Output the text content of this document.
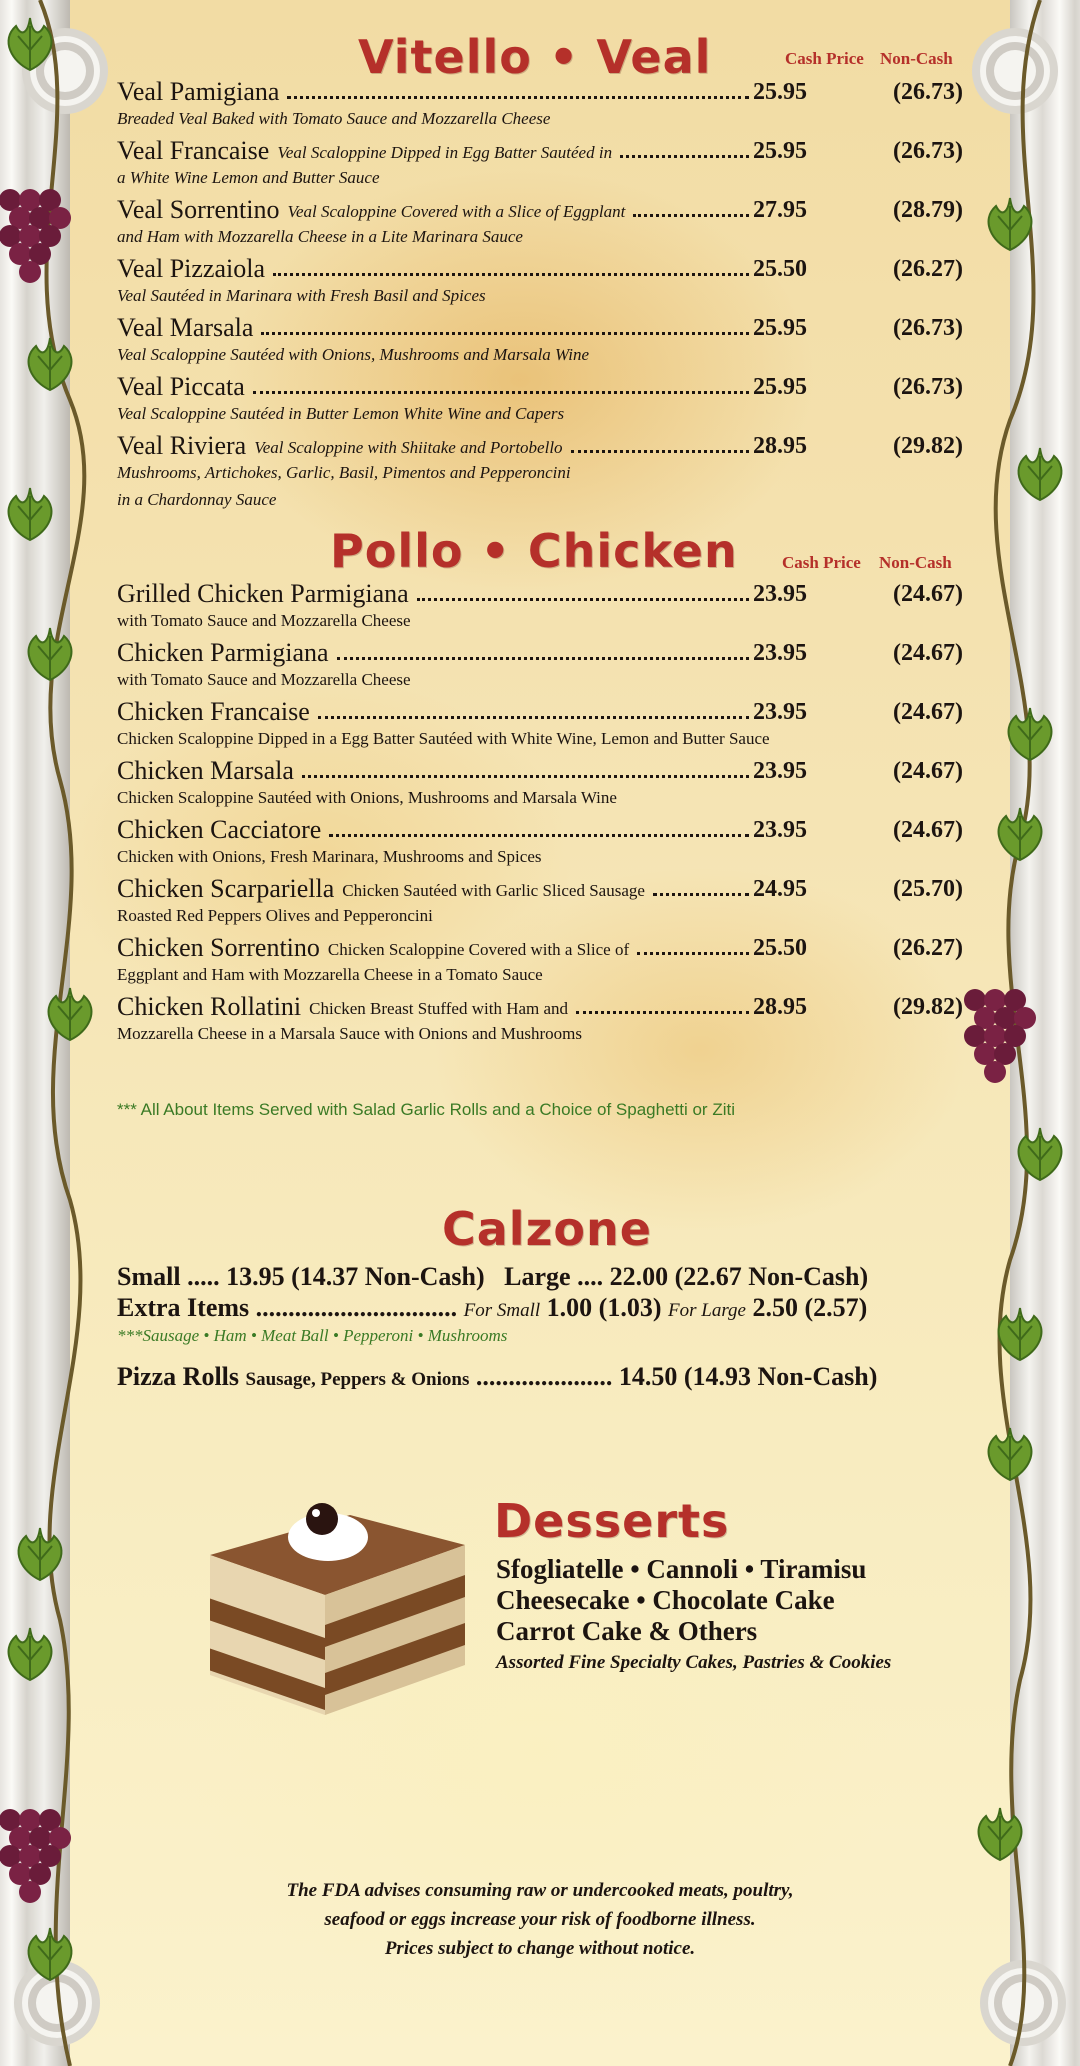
Vitello • Veal	Cash Price Non-Cash
Veal Pamigiana	25.95	(26.73)
Breaded Veal Baked with Tomato Sauce and Mozzarella Cheese
Veal Francaise Veal Scaloppine Dipped in Egg Batter Sautéed in	25.95	(26.73)
a White Wine Lemon and Butter Sauce
Veal Sorrentino Veal Scaloppine Covered with a Slice of Eggplant	27.95	(28.79)
and Ham with Mozzarella Cheese in a Lite Marinara Sauce
Veal Pizzaiola	25.50	(26.27)
Veal Sautéed in Marinara with Fresh Basil and Spices
Veal Marsala	25.95	(26.73)
Veal Scaloppine Sautéed with Onions, Mushrooms and Marsala Wine
Veal Piccata	25.95	(26.73)
Veal Scaloppine Sautéed in Butter Lemon White Wine and Capers
Veal Riviera Veal Scaloppine with Shiitake and Portobello	28.95	(29.82)
Mushrooms, Artichokes, Garlic, Basil, Pimentos and Pepperoncini
in a Chardonnay Sauce
Pollo • Chicken	Cash Price Non-Cash
Grilled Chicken Parmigiana	23.95	(24.67)
with Tomato Sauce and Mozzarella Cheese
Chicken Parmigiana	23.95	(24.67)
with Tomato Sauce and Mozzarella Cheese
Chicken Francaise	23.95	(24.67)
Chicken Scaloppine Dipped in a Egg Batter Sautéed with White Wine, Lemon and Butter Sauce
Chicken Marsala	23.95	(24.67)
Chicken Scaloppine Sautéed with Onions, Mushrooms and Marsala Wine
Chicken Cacciatore	23.95	(24.67)
Chicken with Onions, Fresh Marinara, Mushrooms and Spices
Chicken Scarpariella Chicken Sautéed with Garlic Sliced Sausage	24.95	(25.70)
Roasted Red Peppers Olives and Pepperoncini
Chicken Sorrentino Chicken Scaloppine Covered with a Slice of	25.50	(26.27)
Eggplant and Ham with Mozzarella Cheese in a Tomato Sauce
Chicken Rollatini Chicken Breast Stuffed with Ham and	28.95	(29.82)
Mozzarella Cheese in a Marsala Sauce with Onions and Mushrooms
*** All About Items Served with Salad Garlic Rolls and a Choice of Spaghetti or Ziti
Calzone
Small ..... 13.95 (14.37 Non-Cash) Large .... 22.00 (22.67 Non-Cash)
Extra Items ............................... For Small 1.00 (1.03) For Large 2.50 (2.57)
***Sausage • Ham • Meat Ball • Pepperoni • Mushrooms
Pizza Rolls Sausage, Peppers & Onions ..................... 14.50 (14.93 Non-Cash)
Desserts
Sfogliatelle • Cannoli • Tiramisu
Cheesecake • Chocolate Cake
Carrot Cake & Others
Assorted Fine Specialty Cakes, Pastries & Cookies
The FDA advises consuming raw or undercooked meats, poultry,
seafood or eggs increase your risk of foodborne illness.
Prices subject to change without notice.
